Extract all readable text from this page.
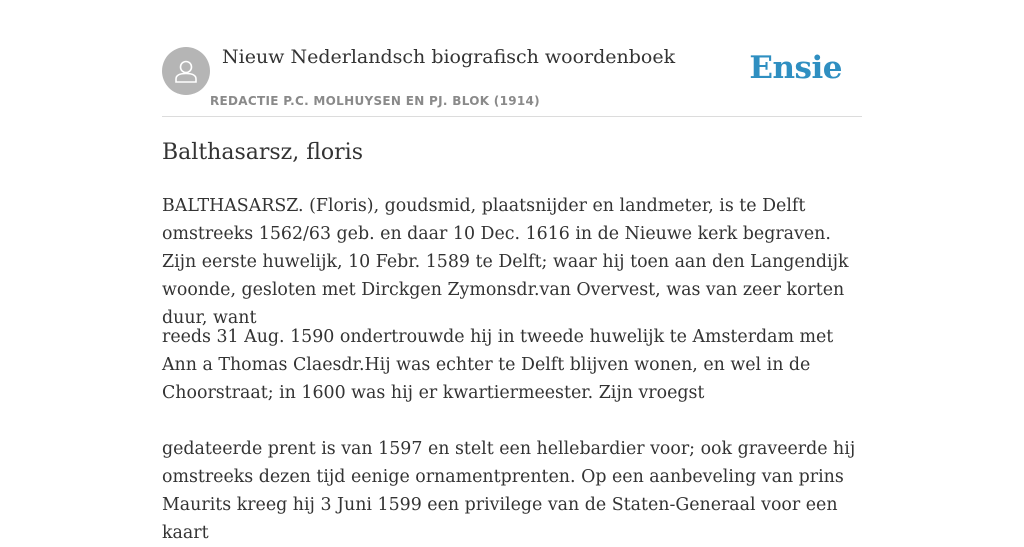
Nieuw Nederlandsch biografisch woordenboek
REDACTIE P.C. MOLHUYSEN EN PJ. BLOK (1914)
Ensie
Balthasarsz, floris

BALTHASARSZ. (Floris), goudsmid, plaatsnijder en landmeter, is te Delft omstreeks 1562/63 geb. en daar 10 Dec. 1616 in de Nieuwe kerk begraven. Zijn eerste huwelijk, 10 Febr. 1589 te Delft; waar hij toen aan den Langendijk woonde, gesloten met Dirckgen Zymonsdr.van Overvest, was van zeer korten duur, want

reeds 31 Aug. 1590 ondertrouwde hij in tweede huwelijk te Amsterdam met Ann a Thomas Claesdr.Hij was echter te Delft blijven wonen, en wel in de Choorstraat; in 1600 was hij er kwartiermeester. Zijn vroegst

gedateerde prent is van 1597 en stelt een hellebardier voor; ook graveerde hij omstreeks dezen tijd eenige ornamentprenten. Op een aanbeveling van prins Maurits kreeg hij 3 Juni 1599 een privilege van de Staten-Generaal voor een kaart
